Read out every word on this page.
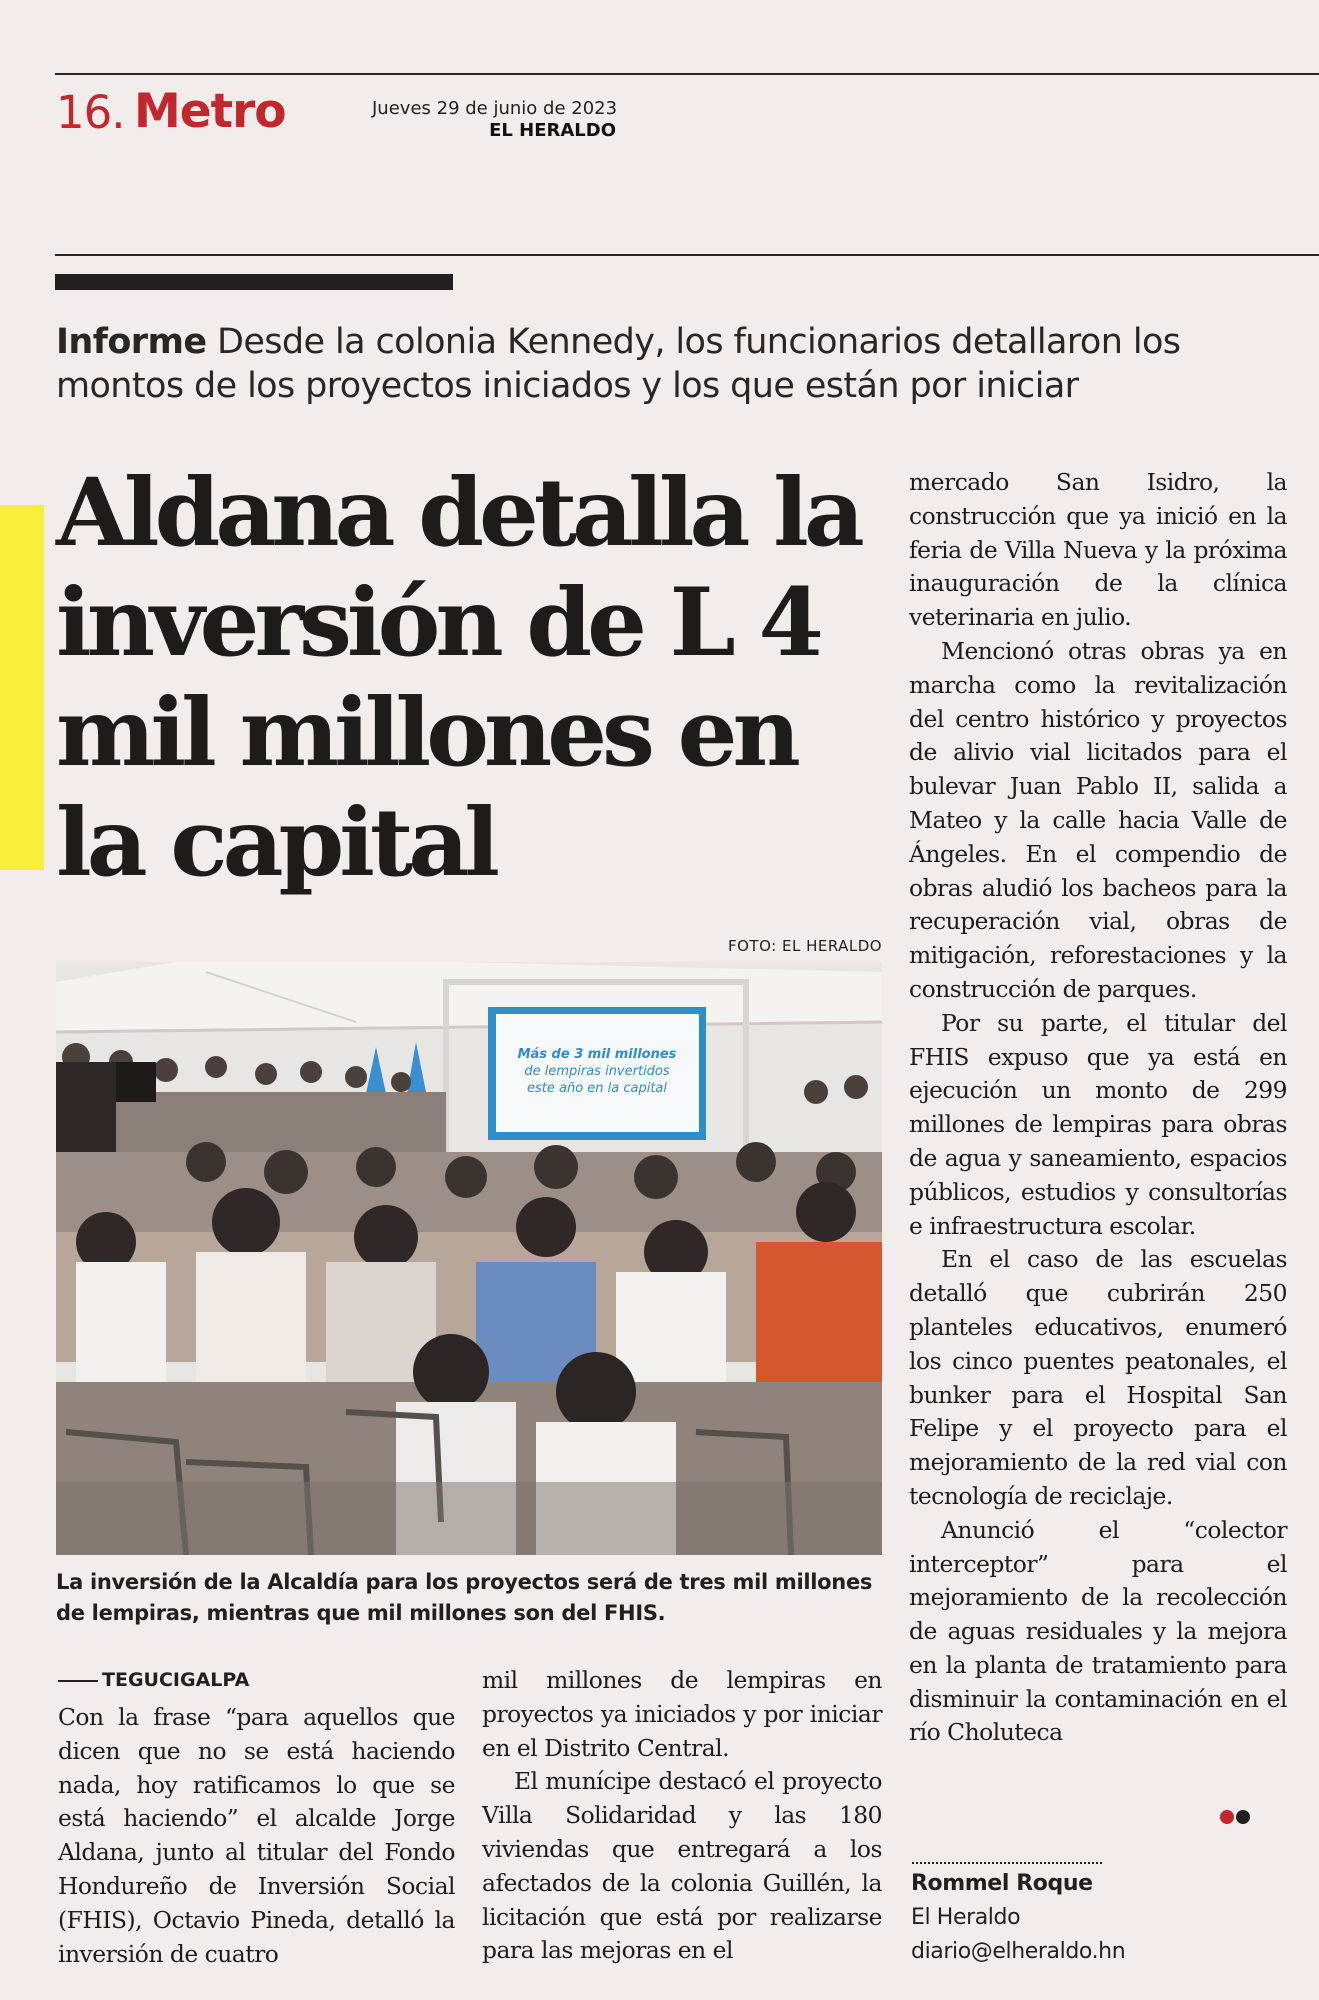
16. Metro	Jueves 29 de junio de 2023
EL HERALDO
Informe Desde la colonia Kennedy, los funcionarios detallaron los montos de los proyectos iniciados y los que están por iniciar
Aldana detalla la inversión de L 4 mil millones en la capital
FOTO: EL HERALDO
Más de 3 mil millones
de lempiras invertidos
este año en la capital
La inversión de la Alcaldía para los proyectos será de tres mil millones de lempiras, mientras que mil millones son del FHIS.
TEGUCIGALPA

Con la frase “para aquellos que dicen que no se está haciendo nada, hoy ratificamos lo que se está haciendo” el alcalde Jorge Aldana, junto al titular del Fondo Hondureño de Inversión Social (FHIS), Octavio Pineda, detalló la inversión de cuatro

mil millones de lempiras en proyectos ya iniciados y por iniciar en el Distrito Central.

El munícipe destacó el proyecto Villa Solidaridad y las 180 viviendas que entregará a los afectados de la colonia Guillén, la licitación que está por realizarse para las mejoras en el

mercado San Isidro, la construcción que ya inició en la feria de Villa Nueva y la próxima inauguración de la clínica veterinaria en julio.

Mencionó otras obras ya en marcha como la revitalización del centro histórico y proyectos de alivio vial licitados para el bulevar Juan Pablo II, salida a Mateo y la calle hacia Valle de Ángeles. En el compendio de obras aludió los bacheos para la recuperación vial, obras de mitigación, reforestaciones y la construcción de parques.

Por su parte, el titular del FHIS expuso que ya está en ejecución un monto de 299 millones de lempiras para obras de agua y saneamiento, espacios públicos, estudios y consultorías e infraestructura escolar.

En el caso de las escuelas detalló que cubrirán 250 planteles educativos, enumeró los cinco puentes peatonales, el bunker para el Hospital San Felipe y el proyecto para el mejoramiento de la red vial con tecnología de reciclaje.

Anunció el “colector interceptor” para el mejoramiento de la recolección de aguas residuales y la mejora en la planta de tratamiento para disminuir la contaminación en el río Choluteca

Rommel Roque
El Heraldo
diario@elheraldo.hn
